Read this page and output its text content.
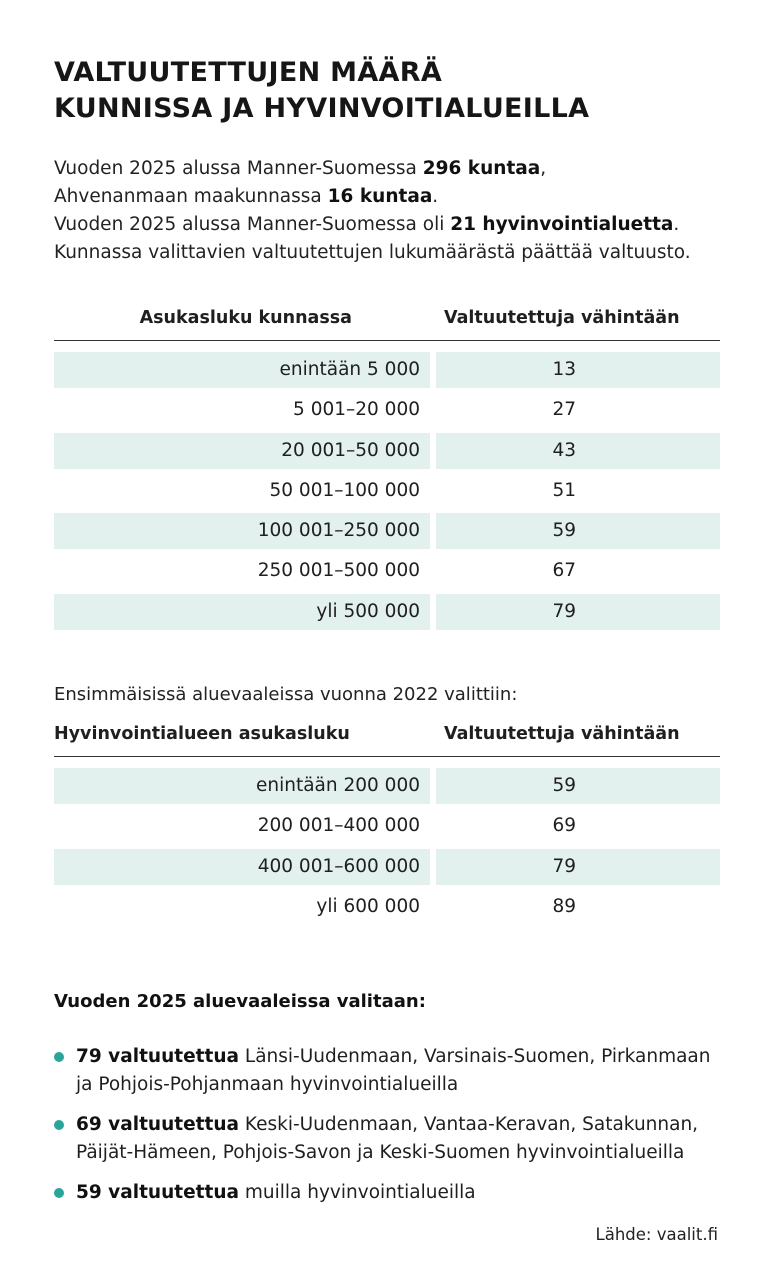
VALTUUTETTUJEN MÄÄRÄ
KUNNISSA JA HYVINVOITIALUEILLA

Vuoden 2025 alussa Manner-Suomessa 296 kuntaa,

Ahvenanmaan maakunnassa 16 kuntaa.

Vuoden 2025 alussa Manner-Suomessa oli 21 hyvinvointialuetta.

Kunnassa valittavien valtuutettujen lukumäärästä päättää valtuusto.

Asukasluku kunnassa	Valtuutettuja vähintään
enintään 5 000	13
5 001–20 000	27
20 001–50 000	43
50 001–100 000	51
100 001–250 000	59
250 001–500 000	67
yli 500 000	79
Ensimmäisissä aluevaaleissa vuonna 2022 valittiin:
Hyvinvointialueen asukasluku	Valtuutettuja vähintään
enintään 200 000	59
200 001–400 000	69
400 001–600 000	79
yli 600 000	89
Vuoden 2025 aluevaaleissa valitaan:
79 valtuutettua Länsi-Uudenmaan, Varsinais-Suomen, Pirkanmaan
ja Pohjois-Pohjanmaan hyvinvointialueilla
69 valtuutettua Keski-Uudenmaan, Vantaa-Keravan, Satakunnan,
Päijät-Hämeen, Pohjois-Savon ja Keski-Suomen hyvinvointialueilla
59 valtuutettua muilla hyvinvointialueilla
Lähde: vaalit.fi
